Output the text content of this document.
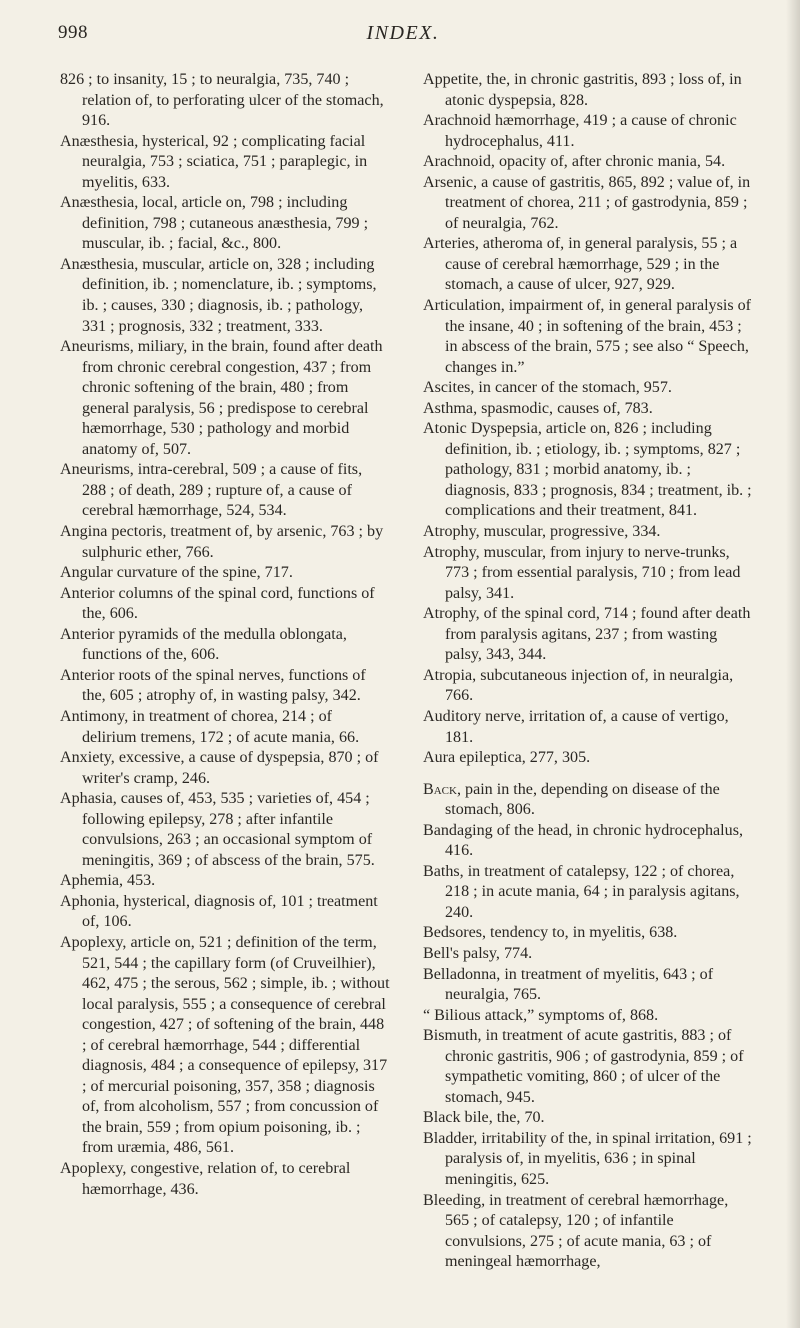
998	INDEX.

826 ; to insanity, 15 ; to neuralgia, 735, 740 ; relation of, to perforating ulcer of the stomach, 916.

Anæsthesia, hysterical, 92 ; complicating facial neuralgia, 753 ; sciatica, 751 ; paraplegic, in myelitis, 633.

Anæsthesia, local, article on, 798 ; including definition, 798 ; cutaneous anæsthesia, 799 ; muscular, ib. ; facial, &c., 800.

Anæsthesia, muscular, article on, 328 ; including definition, ib. ; nomenclature, ib. ; symptoms, ib. ; causes, 330 ; diagnosis, ib. ; pathology, 331 ; prognosis, 332 ; treatment, 333.

Aneurisms, miliary, in the brain, found after death from chronic cerebral congestion, 437 ; from chronic softening of the brain, 480 ; from general paralysis, 56 ; predispose to cerebral hæmorrhage, 530 ; pathology and morbid anatomy of, 507.

Aneurisms, intra-cerebral, 509 ; a cause of fits, 288 ; of death, 289 ; rupture of, a cause of cerebral hæmorrhage, 524, 534.

Angina pectoris, treatment of, by arsenic, 763 ; by sulphuric ether, 766.

Angular curvature of the spine, 717.

Anterior columns of the spinal cord, functions of the, 606.

Anterior pyramids of the medulla oblongata, functions of the, 606.

Anterior roots of the spinal nerves, functions of the, 605 ; atrophy of, in wasting palsy, 342.

Antimony, in treatment of chorea, 214 ; of delirium tremens, 172 ; of acute mania, 66.

Anxiety, excessive, a cause of dyspepsia, 870 ; of writer's cramp, 246.

Aphasia, causes of, 453, 535 ; varieties of, 454 ; following epilepsy, 278 ; after infantile convulsions, 263 ; an occasional symptom of meningitis, 369 ; of abscess of the brain, 575.

Aphemia, 453.

Aphonia, hysterical, diagnosis of, 101 ; treatment of, 106.

Apoplexy, article on, 521 ; definition of the term, 521, 544 ; the capillary form (of Cruveilhier), 462, 475 ; the serous, 562 ; simple, ib. ; without local paralysis, 555 ; a consequence of cerebral congestion, 427 ; of softening of the brain, 448 ; of cerebral hæmorrhage, 544 ; differential diagnosis, 484 ; a consequence of epilepsy, 317 ; of mercurial poisoning, 357, 358 ; diagnosis of, from alcoholism, 557 ; from concussion of the brain, 559 ; from opium poisoning, ib. ; from uræmia, 486, 561.

Apoplexy, congestive, relation of, to cerebral hæmorrhage, 436.

Appetite, the, in chronic gastritis, 893 ; loss of, in atonic dyspepsia, 828.

Arachnoid hæmorrhage, 419 ; a cause of chronic hydrocephalus, 411.

Arachnoid, opacity of, after chronic mania, 54.

Arsenic, a cause of gastritis, 865, 892 ; value of, in treatment of chorea, 211 ; of gastrodynia, 859 ; of neuralgia, 762.

Arteries, atheroma of, in general paralysis, 55 ; a cause of cerebral hæmorrhage, 529 ; in the stomach, a cause of ulcer, 927, 929.

Articulation, impairment of, in general paralysis of the insane, 40 ; in softening of the brain, 453 ; in abscess of the brain, 575 ; see also “ Speech, changes in.”

Ascites, in cancer of the stomach, 957.

Asthma, spasmodic, causes of, 783.

Atonic Dyspepsia, article on, 826 ; including definition, ib. ; etiology, ib. ; symptoms, 827 ; pathology, 831 ; morbid anatomy, ib. ; diagnosis, 833 ; prognosis, 834 ; treatment, ib. ; complications and their treatment, 841.

Atrophy, muscular, progressive, 334.

Atrophy, muscular, from injury to nerve-trunks, 773 ; from essential paralysis, 710 ; from lead palsy, 341.

Atrophy, of the spinal cord, 714 ; found after death from paralysis agitans, 237 ; from wasting palsy, 343, 344.

Atropia, subcutaneous injection of, in neuralgia, 766.

Auditory nerve, irritation of, a cause of vertigo, 181.

Aura epileptica, 277, 305.

Back, pain in the, depending on disease of the stomach, 806.

Bandaging of the head, in chronic hydrocephalus, 416.

Baths, in treatment of catalepsy, 122 ; of chorea, 218 ; in acute mania, 64 ; in paralysis agitans, 240.

Bedsores, tendency to, in myelitis, 638.

Bell's palsy, 774.

Belladonna, in treatment of myelitis, 643 ; of neuralgia, 765.

“ Bilious attack,” symptoms of, 868.

Bismuth, in treatment of acute gastritis, 883 ; of chronic gastritis, 906 ; of gastrodynia, 859 ; of sympathetic vomiting, 860 ; of ulcer of the stomach, 945.

Black bile, the, 70.

Bladder, irritability of the, in spinal irritation, 691 ; paralysis of, in myelitis, 636 ; in spinal meningitis, 625.

Bleeding, in treatment of cerebral hæmorrhage, 565 ; of catalepsy, 120 ; of infantile convulsions, 275 ; of acute mania, 63 ; of meningeal hæmorrhage,
